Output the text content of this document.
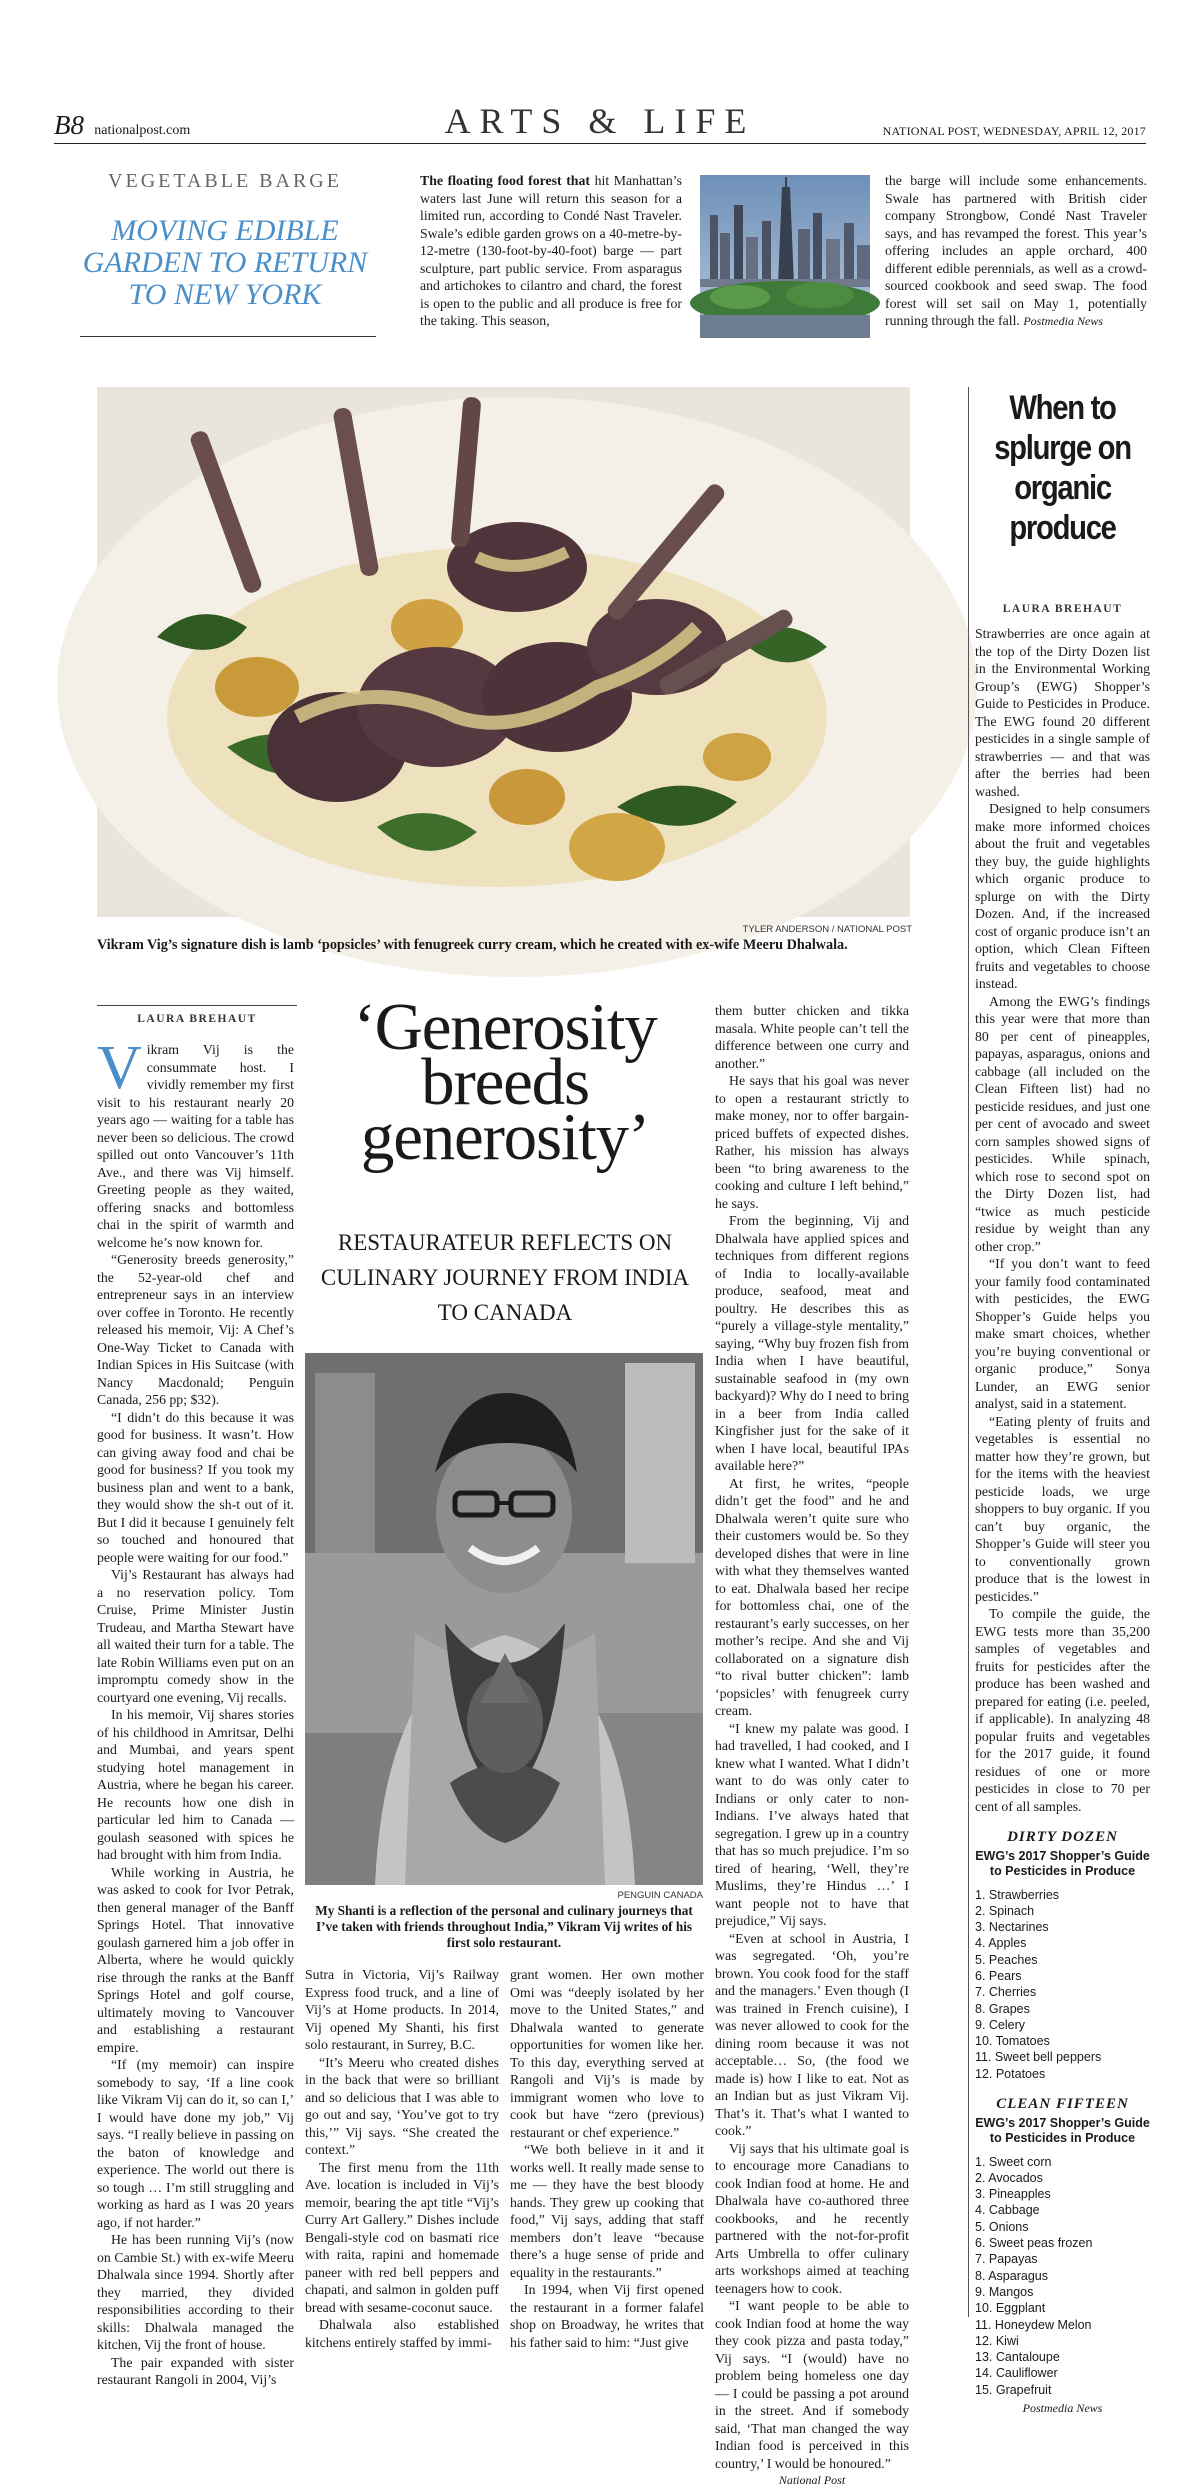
B8 nationalpost.com	ARTS & LIFE	NATIONAL POST, WEDNESDAY, APRIL 12, 2017
VEGETABLE BARGE
MOVING EDIBLE GARDEN TO RETURN TO NEW YORK

The floating food forest that hit Manhattan’s waters last June will return this season for a limited run, according to Condé Nast Traveler. Swale’s edible garden grows on a 40-metre-by-12-metre (130-foot-by-40-foot) barge — part sculpture, part public service. From asparagus and artichokes to cilantro and chard, the forest is open to the public and all produce is free for the taking. This season,

the barge will include some enhancements. Swale has partnered with British cider company Strongbow, Condé Nast Traveler says, and has revamped the forest. This year’s offering includes an apple orchard, 400 different edible perennials, as well as a crowd-sourced cookbook and seed swap. The food forest will set sail on May 1, potentially running through the fall. Postmedia News

TYLER ANDERSON / NATIONAL POST
Vikram Vig’s signature dish is lamb ‘popsicles’ with fenugreek curry cream, which he created with ex-wife Meeru Dhalwala.
When to splurge on organic produce
LAURA BREHAUT

Strawberries are once again at the top of the Dirty Dozen list in the Environmental Working Group’s (EWG) Shopper’s Guide to Pesticides in Produce. The EWG found 20 different pesticides in a single sample of strawberries — and that was after the berries had been washed.

Designed to help consumers make more informed choices about the fruit and vegetables they buy, the guide highlights which organic produce to splurge on with the Dirty Dozen. And, if the increased cost of organic produce isn’t an option, which Clean Fifteen fruits and vegetables to choose instead.

Among the EWG’s findings this year were that more than 80 per cent of pineapples, papayas, asparagus, onions and cabbage (all included on the Clean Fifteen list) had no pesticide residues, and just one per cent of avocado and sweet corn samples showed signs of pesticides. While spinach, which rose to second spot on the Dirty Dozen list, had “twice as much pesticide residue by weight than any other crop.”

“If you don’t want to feed your family food contaminated with pesticides, the EWG Shopper’s Guide helps you make smart choices, whether you’re buying conventional or organic produce,” Sonya Lunder, an EWG senior analyst, said in a statement.

“Eating plenty of fruits and vegetables is essential no matter how they’re grown, but for the items with the heaviest pesticide loads, we urge shoppers to buy organic. If you can’t buy organic, the Shopper’s Guide will steer you to conventionally grown produce that is the lowest in pesticides.”

To compile the guide, the EWG tests more than 35,200 samples of vegetables and fruits for pesticides after the produce has been washed and prepared for eating (i.e. peeled, if applicable). In analyzing 48 popular fruits and vegetables for the 2017 guide, it found residues of one or more pesticides in close to 70 per cent of all samples.

DIRTY DOZEN
EWG’s 2017 Shopper’s Guide to Pesticides in Produce
1. Strawberries
2. Spinach
3. Nectarines
4. Apples
5. Peaches
6. Pears
7. Cherries
8. Grapes
9. Celery
10. Tomatoes
11. Sweet bell peppers
12. Potatoes
CLEAN FIFTEEN
EWG’s 2017 Shopper’s Guide to Pesticides in Produce
1. Sweet corn
2. Avocados
3. Pineapples
4. Cabbage
5. Onions
6. Sweet peas frozen
7. Papayas
8. Asparagus
9. Mangos
10. Eggplant
11. Honeydew Melon
12. Kiwi
13. Cantaloupe
14. Cauliflower
15. Grapefruit
Postmedia News
LAURA BREHAUT

Vikram Vij is the consummate host. I vividly remember my first visit to his restaurant nearly 20 years ago — waiting for a table has never been so delicious. The crowd spilled out onto Vancouver’s 11th Ave., and there was Vij himself. Greeting people as they waited, offering snacks and bottomless chai in the spirit of warmth and welcome he’s now known for.

“Generosity breeds generosity,” the 52-year-old chef and entrepreneur says in an interview over coffee in Toronto. He recently released his memoir, Vij: A Chef’s One-Way Ticket to Canada with Indian Spices in His Suitcase (with Nancy Macdonald; Penguin Canada, 256 pp; $32).

“I didn’t do this because it was good for business. It wasn’t. How can giving away food and chai be good for business? If you took my business plan and went to a bank, they would show the sh-t out of it. But I did it because I genuinely felt so touched and honoured that people were waiting for our food.”

Vij’s Restaurant has always had a no reservation policy. Tom Cruise, Prime Minister Justin Trudeau, and Martha Stewart have all waited their turn for a table. The late Robin Williams even put on an impromptu comedy show in the courtyard one evening, Vij recalls.

In his memoir, Vij shares stories of his childhood in Amritsar, Delhi and Mumbai, and years spent studying hotel management in Austria, where he began his career. He recounts how one dish in particular led him to Canada — goulash seasoned with spices he had brought with him from India.

While working in Austria, he was asked to cook for Ivor Petrak, then general manager of the Banff Springs Hotel. That innovative goulash garnered him a job offer in Alberta, where he would quickly rise through the ranks at the Banff Springs Hotel and golf course, ultimately moving to Vancouver and establishing a restaurant empire.

“If (my memoir) can inspire somebody to say, ‘If a line cook like Vikram Vij can do it, so can I,’ I would have done my job,” Vij says. “I really believe in passing on the baton of knowledge and experience. The world out there is so tough … I’m still struggling and working as hard as I was 20 years ago, if not harder.”

He has been running Vij’s (now on Cambie St.) with ex-wife Meeru Dhalwala since 1994. Shortly after they married, they divided responsibilities according to their skills: Dhalwala managed the kitchen, Vij the front of house.

The pair expanded with sister restaurant Rangoli in 2004, Vij’s

‘Generosity breeds generosity’
RESTAURATEUR REFLECTS ON CULINARY JOURNEY FROM INDIA TO CANADA
PENGUIN CANADA
My Shanti is a reflection of the personal and culinary journeys that I’ve taken with friends throughout India,” Vikram Vij writes of his first solo restaurant.

Sutra in Victoria, Vij’s Railway Express food truck, and a line of Vij’s at Home products. In 2014, Vij opened My Shanti, his first solo restaurant, in Surrey, B.C.

“It’s Meeru who created dishes in the back that were so brilliant and so delicious that I was able to go out and say, ‘You’ve got to try this,’” Vij says. “She created the context.”

The first menu from the 11th Ave. location is included in Vij’s memoir, bearing the apt title “Vij’s Curry Art Gallery.” Dishes include Bengali-style cod on basmati rice with raita, rapini and homemade paneer with red bell peppers and chapati, and salmon in golden puff bread with sesame-coconut sauce.

Dhalwala also established kitchens entirely staffed by immi-

grant women. Her own mother Omi was “deeply isolated by her move to the United States,” and Dhalwala wanted to generate opportunities for women like her. To this day, everything served at Rangoli and Vij’s is made by immigrant women who love to cook but have “zero (previous) restaurant or chef experience.”

“We both believe in it and it works well. It really made sense to me — they have the best bloody hands. They grew up cooking that food,” Vij says, adding that staff members don’t leave “because there’s a huge sense of pride and equality in the restaurants.”

In 1994, when Vij first opened the restaurant in a former falafel shop on Broadway, he writes that his father said to him: “Just give

them butter chicken and tikka masala. White people can’t tell the difference between one curry and another.”

He says that his goal was never to open a restaurant strictly to make money, nor to offer bargain-priced buffets of expected dishes. Rather, his mission has always been “to bring awareness to the cooking and culture I left behind,” he says.

From the beginning, Vij and Dhalwala have applied spices and techniques from different regions of India to locally-available produce, seafood, meat and poultry. He describes this as “purely a village-style mentality,” saying, “Why buy frozen fish from India when I have beautiful, sustainable seafood in (my own backyard)? Why do I need to bring in a beer from India called Kingfisher just for the sake of it when I have local, beautiful IPAs available here?”

At first, he writes, “people didn’t get the food” and he and Dhalwala weren’t quite sure who their customers would be. So they developed dishes that were in line with what they themselves wanted to eat. Dhalwala based her recipe for bottomless chai, one of the restaurant’s early successes, on her mother’s recipe. And she and Vij collaborated on a signature dish “to rival butter chicken”: lamb ‘popsicles’ with fenugreek curry cream.

“I knew my palate was good. I had travelled, I had cooked, and I knew what I wanted. What I didn’t want to do was only cater to Indians or only cater to non-Indians. I’ve always hated that segregation. I grew up in a country that has so much prejudice. I’m so tired of hearing, ‘Well, they’re Muslims, they’re Hindus …’ I want people not to have that prejudice,” Vij says.

“Even at school in Austria, I was segregated. ‘Oh, you’re brown. You cook food for the staff and the managers.’ Even though (I was trained in French cuisine), I was never allowed to cook for the dining room because it was not acceptable… So, (the food we made is) how I like to eat. Not as an Indian but as just Vikram Vij. That’s it. That’s what I wanted to cook.”

Vij says that his ultimate goal is to encourage more Canadians to cook Indian food at home. He and Dhalwala have co-authored three cookbooks, and he recently partnered with the not-for-profit Arts Umbrella to offer culinary arts workshops aimed at teaching teenagers how to cook.

“I want people to be able to cook Indian food at home the way they cook pizza and pasta today,” Vij says. “I (would) have no problem being homeless one day — I could be passing a pot around in the street. And if somebody said, ‘That man changed the way Indian food is perceived in this country,’ I would be honoured.”

National Post
